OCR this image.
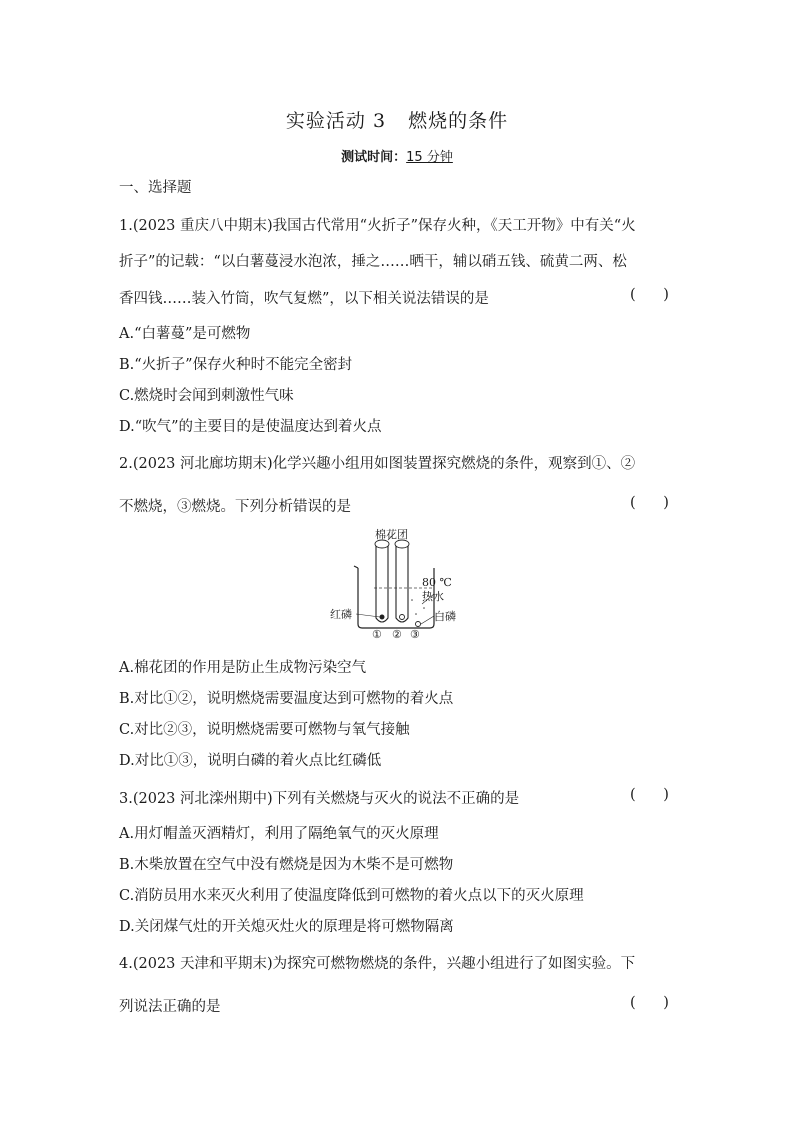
实验活动 3 燃烧的条件
测试时间：15 分钟
一、选择题
1.(2023 重庆八中期末)我国古代常用“火折子”保存火种，《天工开物》中有关“火
折子”的记载：“以白薯蔓浸水泡浓，捶之……晒干，辅以硝五钱、硫黄二两、松
香四钱……装入竹筒，吹气复燃”，以下相关说法错误的是	(      )
A.“白薯蔓”是可燃物
B.“火折子”保存火种时不能完全密封
C.燃烧时会闻到刺激性气味
D.“吹气”的主要目的是使温度达到着火点
2.(2023 河北廊坊期末)化学兴趣小组用如图装置探究燃烧的条件，观察到①、②
不燃烧，③燃烧。下列分析错误的是	(      )
棉花团
80 ℃
热水
白磷
红磷
① ② ③
A.棉花团的作用是防止生成物污染空气
B.对比①②，说明燃烧需要温度达到可燃物的着火点
C.对比②③，说明燃烧需要可燃物与氧气接触
D.对比①③，说明白磷的着火点比红磷低
3.(2023 河北滦州期中)下列有关燃烧与灭火的说法不正确的是	(      )
A.用灯帽盖灭酒精灯，利用了隔绝氧气的灭火原理
B.木柴放置在空气中没有燃烧是因为木柴不是可燃物
C.消防员用水来灭火利用了使温度降低到可燃物的着火点以下的灭火原理
D.关闭煤气灶的开关熄灭灶火的原理是将可燃物隔离
4.(2023 天津和平期末)为探究可燃物燃烧的条件，兴趣小组进行了如图实验。下
列说法正确的是	(      )
